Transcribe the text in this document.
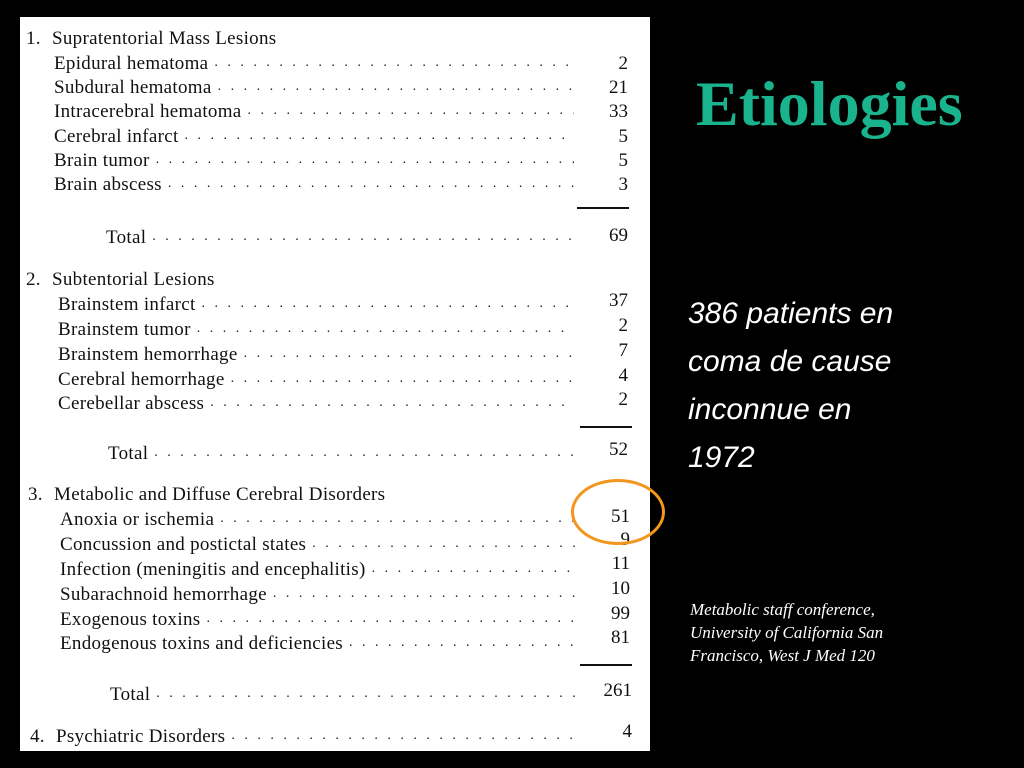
1. Supratentorial Mass Lesions
Epidural hematoma . . .	2
Subdural hematoma . . .	21
Intracerebral hematoma . . .	33
Cerebral infarct . . .	5
Brain tumor . . .	5
Brain abscess . . .	3
Total . . .	69
2. Subtentorial Lesions
Brainstem infarct . . .	37
Brainstem tumor . . .	2
Brainstem hemorrhage . . .	7
Cerebral hemorrhage . . .	4
Cerebellar abscess . . .	2
Total . . .	52
3. Metabolic and Diffuse Cerebral Disorders
Anoxia or ischemia . . .	51
Concussion and postictal states . . .	9
Infection (meningitis and encephalitis) . . .	11
Subarachnoid hemorrhage . . .	10
Exogenous toxins . . .	99
Endogenous toxins and deficiencies . . .	81
Total . . .	261
4. Psychiatric Disorders . . .	4
Etiologies
386 patients en
coma de cause
inconnue en
1972
Metabolic staff conference,
University of California San
Francisco, West J Med 120
